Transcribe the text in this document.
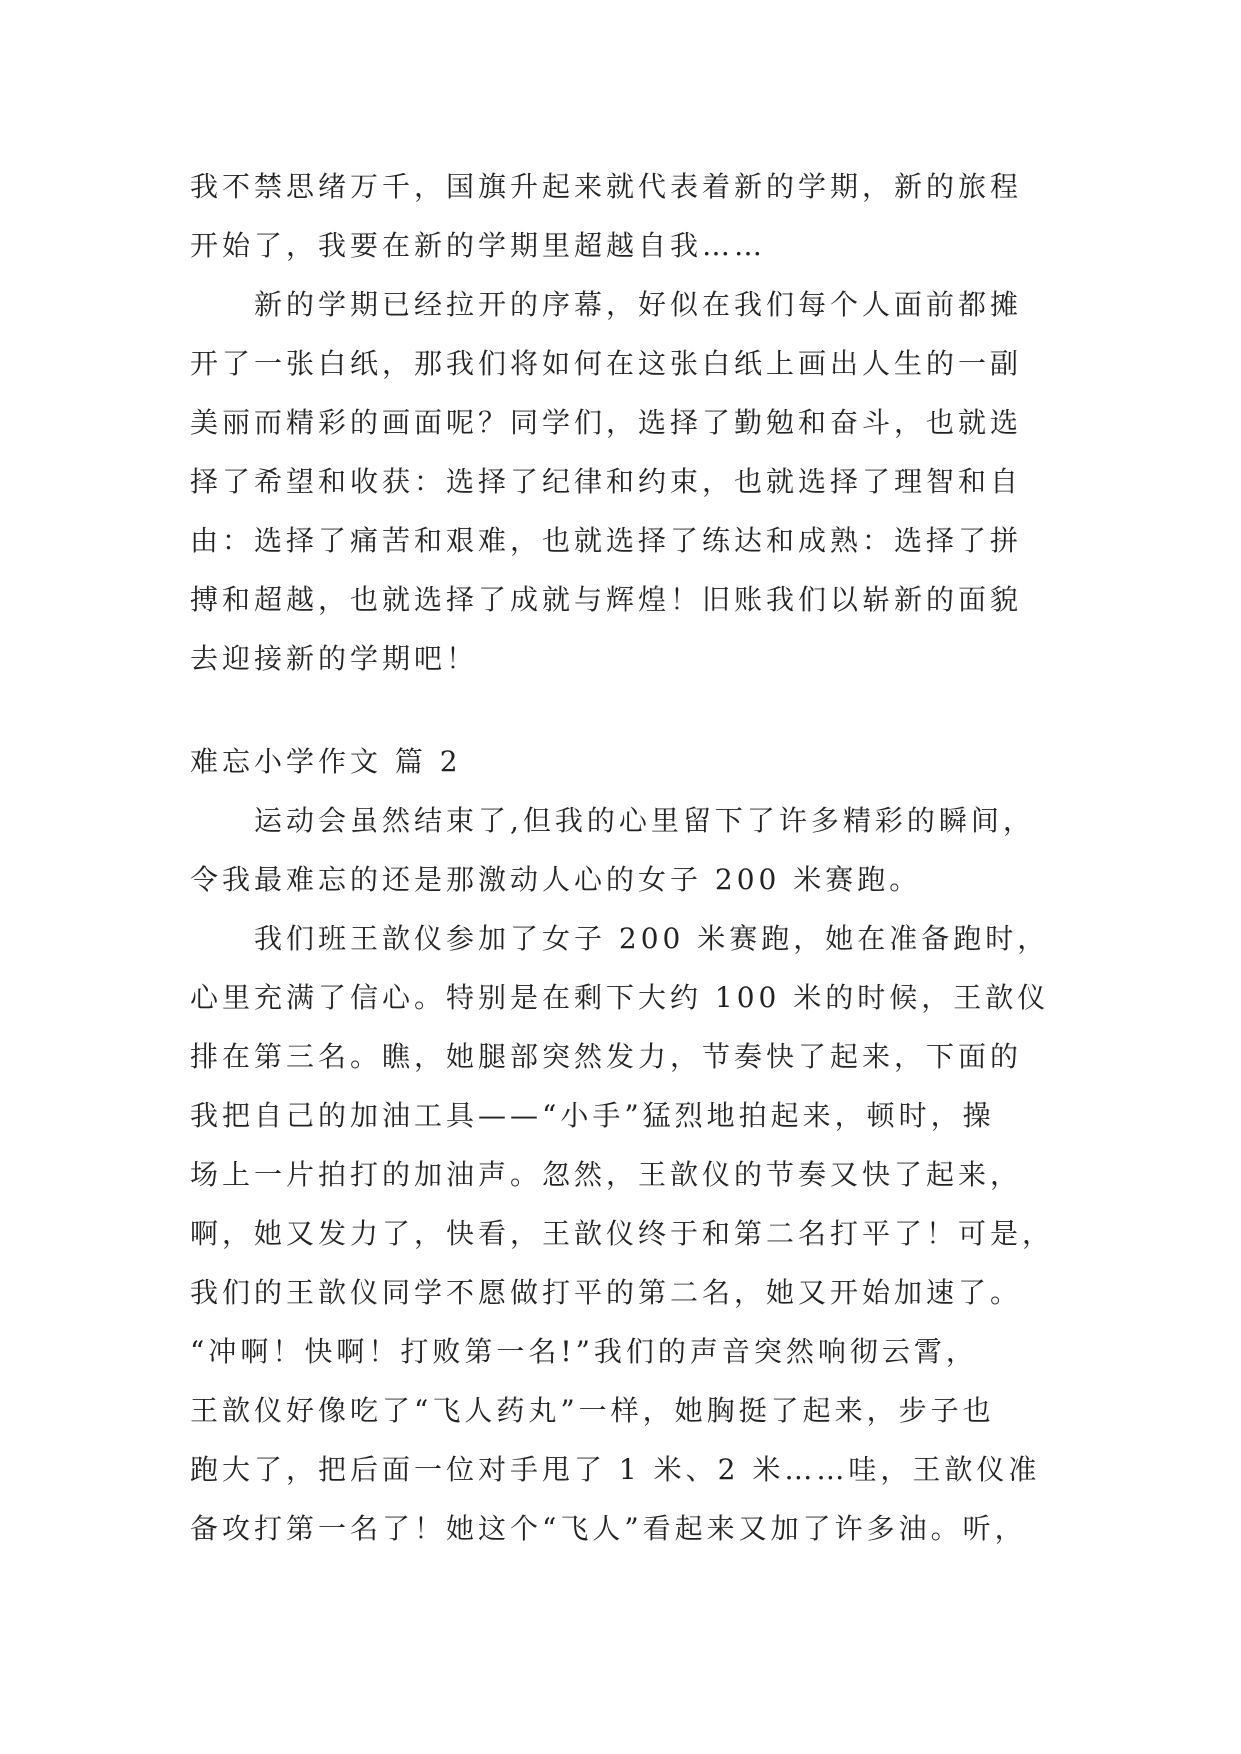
我不禁思绪万千，国旗升起来就代表着新的学期，新的旅程
开始了，我要在新的学期里超越自我……
新的学期已经拉开的序幕，好似在我们每个人面前都摊
开了一张白纸，那我们将如何在这张白纸上画出人生的一副
美丽而精彩的画面呢？同学们，选择了勤勉和奋斗，也就选
择了希望和收获：选择了纪律和约束，也就选择了理智和自
由：选择了痛苦和艰难，也就选择了练达和成熟：选择了拼
搏和超越，也就选择了成就与辉煌！旧账我们以崭新的面貌
去迎接新的学期吧！
难忘小学作文 篇 2
运动会虽然结束了,但我的心里留下了许多精彩的瞬间，
令我最难忘的还是那激动人心的女子 200 米赛跑。
我们班王歆仪参加了女子 200 米赛跑，她在准备跑时，
心里充满了信心。特别是在剩下大约 100 米的时候，王歆仪
排在第三名。瞧，她腿部突然发力，节奏快了起来，下面的
我把自己的加油工具——“小手”猛烈地拍起来，顿时，操
场上一片拍打的加油声。忽然，王歆仪的节奏又快了起来，
啊，她又发力了，快看，王歆仪终于和第二名打平了！可是，
我们的王歆仪同学不愿做打平的第二名，她又开始加速了。
“冲啊！快啊！打败第一名!”我们的声音突然响彻云霄，
王歆仪好像吃了“飞人药丸”一样，她胸挺了起来，步子也
跑大了，把后面一位对手甩了 1 米、2 米……哇，王歆仪准
备攻打第一名了！她这个“飞人”看起来又加了许多油。听，
